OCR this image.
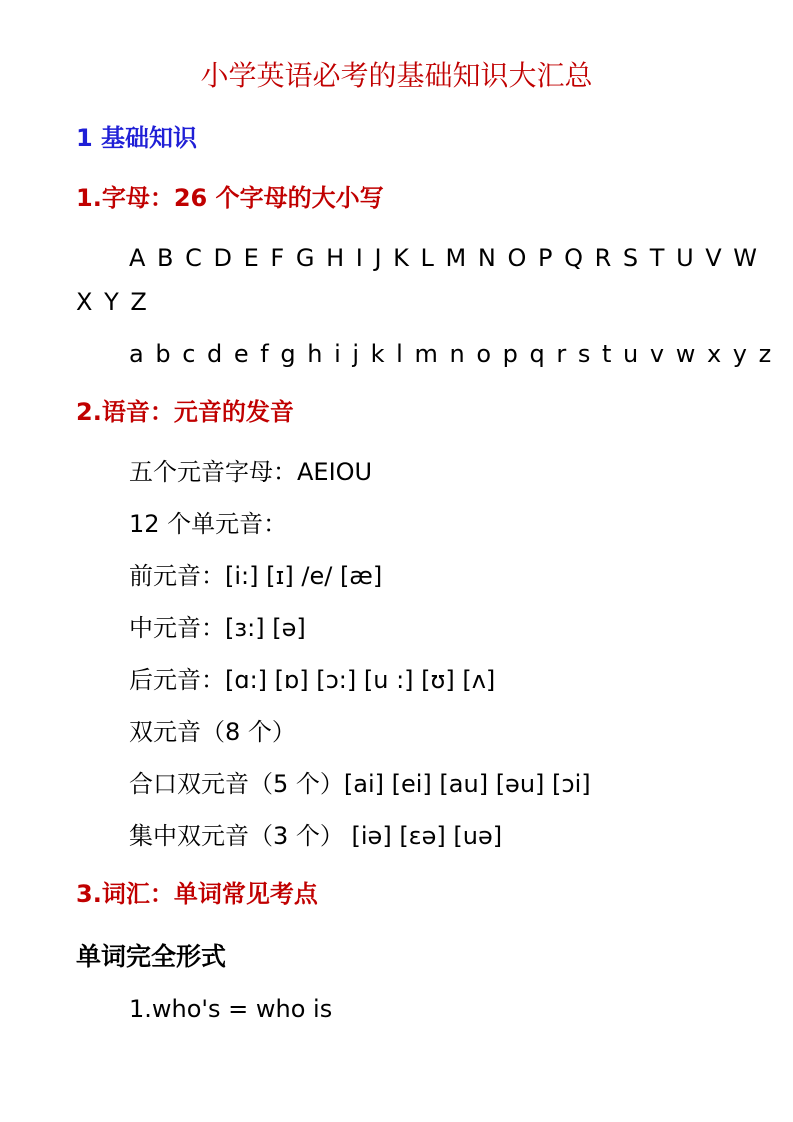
小学英语必考的基础知识大汇总
1 基础知识
1.字母：26 个字母的大小写
A B C D E F G H I J K L M N O P Q R S T U V W
X Y Z
a b c d e f g h i j k l m n o p q r s t u v w x y z
2.语音：元音的发音
五个元音字母：AEIOU
12 个单元音：
前元音：[i:] [ɪ] /e/ [æ]
中元音：[ɜ:] [ə]
后元音：[ɑ:] [ɒ] [ɔ:] [u :] [ʊ] [ʌ]
双元音（8 个）
合口双元音（5 个）[ai] [ei] [au] [əu] [ɔi]
集中双元音（3 个） [iə] [ɛə] [uə]
3.词汇：单词常见考点
单词完全形式
1.who's = who is
